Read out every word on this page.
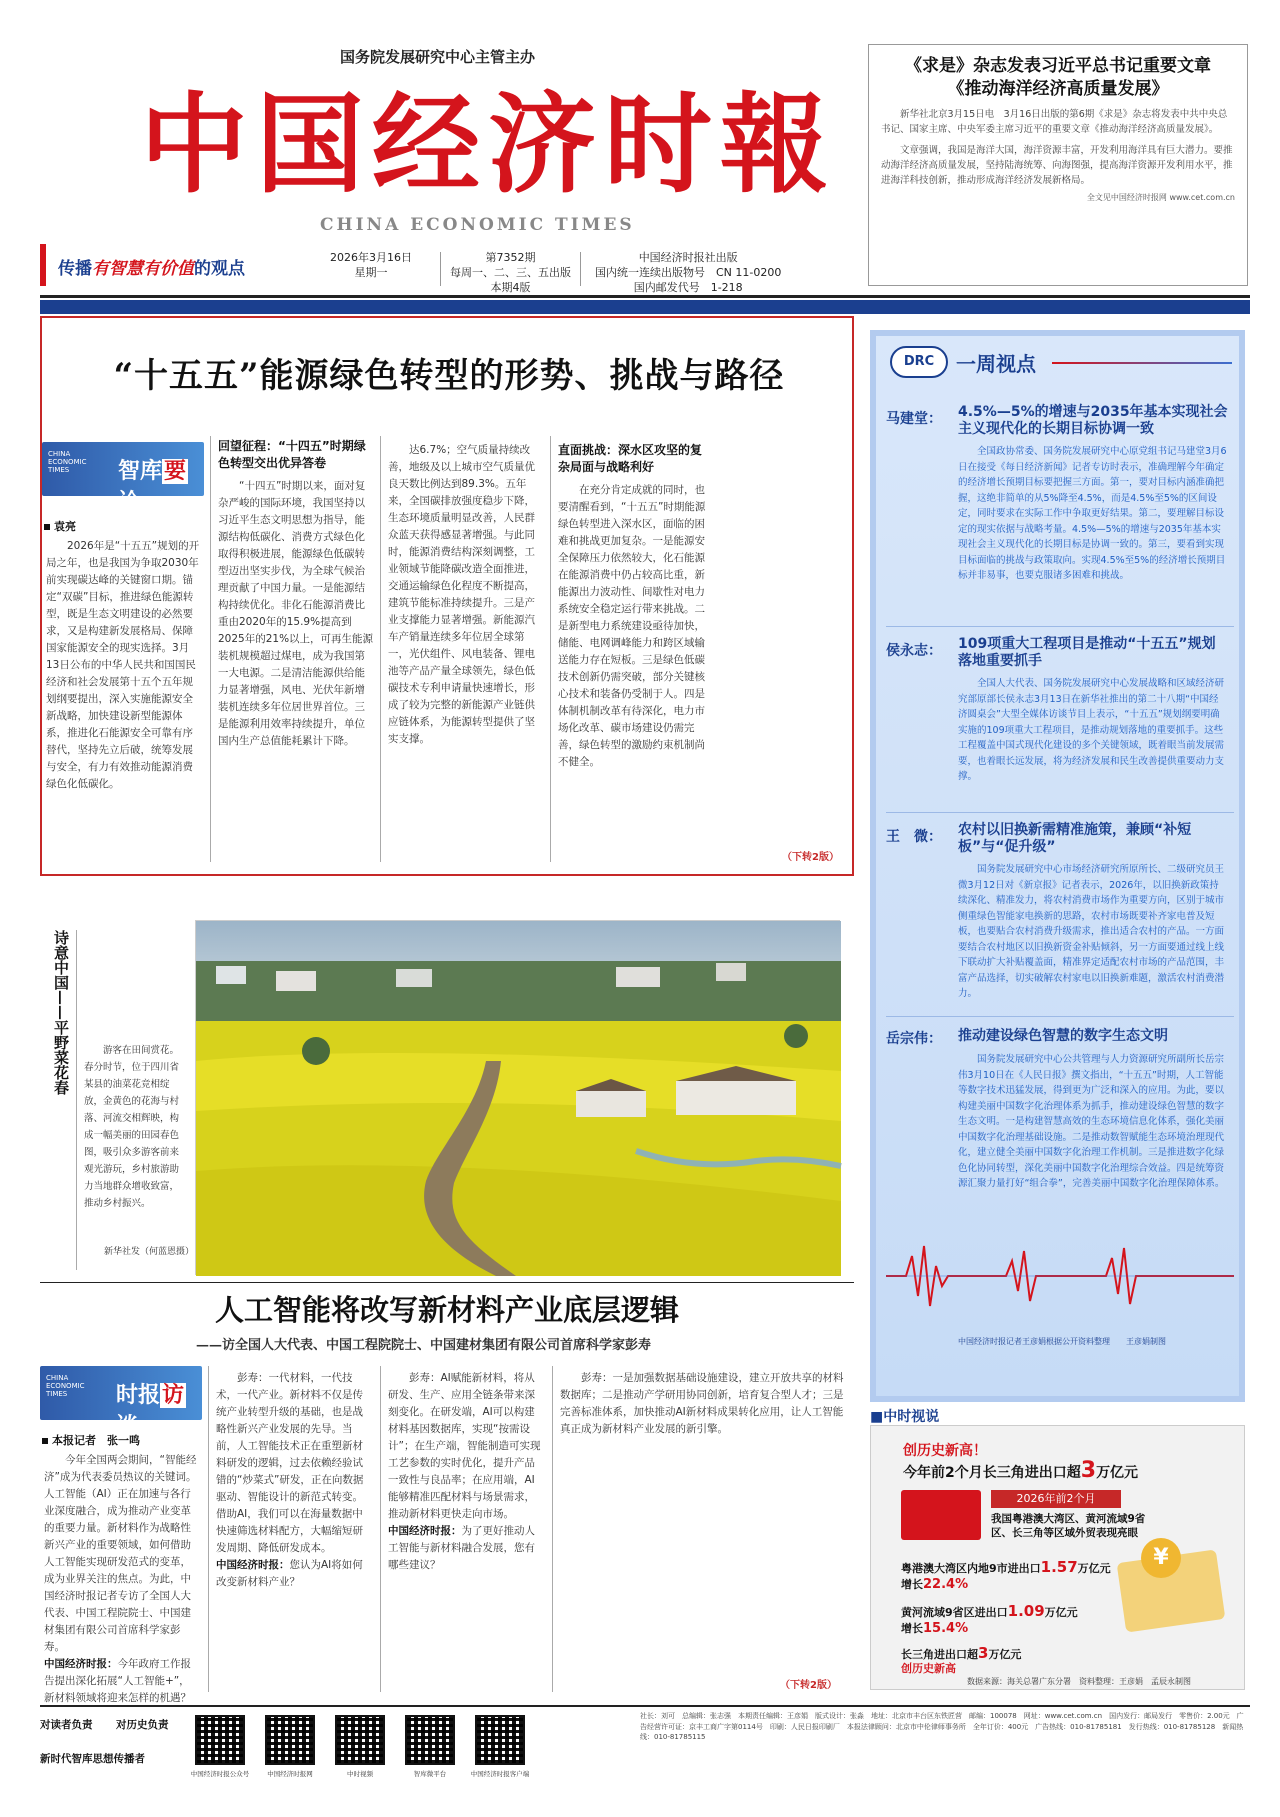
国务院发展研究中心主管主办
中国经济时報
CHINA ECONOMIC TIMES
传播有智慧有价值的观点
2026年3月16日
星期一
第7352期
每周一、二、三、五出版
本期4版
中国经济时报社出版
国内统一连续出版物号　CN 11-0200
国内邮发代号　1-218
《求是》杂志发表习近平总书记重要文章
《推动海洋经济高质量发展》
新华社北京3月15日电　3月16日出版的第6期《求是》杂志将发表中共中央总书记、国家主席、中央军委主席习近平的重要文章《推动海洋经济高质量发展》。
文章强调，我国是海洋大国，海洋资源丰富，开发利用海洋具有巨大潜力。要推动海洋经济高质量发展，坚持陆海统筹、向海图强，提高海洋资源开发利用水平，推进海洋科技创新，推动形成海洋经济发展新格局。
全文见中国经济时报网 www.cet.com.cn
“十五五”能源绿色转型的形势、挑战与路径
CHINA ECONOMIC TIMES	智库要论
袁亮
2026年是“十五五”规划的开局之年，也是我国为争取2030年前实现碳达峰的关键窗口期。锚定“双碳”目标，推进绿色能源转型，既是生态文明建设的必然要求，又是构建新发展格局、保障国家能源安全的现实选择。3月13日公布的中华人民共和国国民经济和社会发展第十五个五年规划纲要提出，深入实施能源安全新战略，加快建设新型能源体系，推进化石能源安全可靠有序替代，坚持先立后破，统筹发展与安全，有力有效推动能源消费绿色化低碳化。
回望征程：“十四五”时期绿色转型交出优异答卷
“十四五”时期以来，面对复杂严峻的国际环境，我国坚持以习近平生态文明思想为指导，能源结构低碳化、消费方式绿色化取得积极进展，能源绿色低碳转型迈出坚实步伐，为全球气候治理贡献了中国力量。一是能源结构持续优化。非化石能源消费比重由2020年的15.9%提高到2025年的21%以上，可再生能源装机规模超过煤电，成为我国第一大电源。二是清洁能源供给能力显著增强，风电、光伏年新增装机连续多年位居世界首位。三是能源利用效率持续提升，单位国内生产总值能耗累计下降。
达6.7%；空气质量持续改善，地级及以上城市空气质量优良天数比例达到89.3%。五年来，全国碳排放强度稳步下降，生态环境质量明显改善，人民群众蓝天获得感显著增强。与此同时，能源消费结构深刻调整，工业领域节能降碳改造全面推进，交通运输绿色化程度不断提高，建筑节能标准持续提升。三是产业支撑能力显著增强。新能源汽车产销量连续多年位居全球第一，光伏组件、风电装备、锂电池等产品产量全球领先，绿色低碳技术专利申请量快速增长，形成了较为完整的新能源产业链供应链体系，为能源转型提供了坚实支撑。
直面挑战：深水区攻坚的复杂局面与战略利好
在充分肯定成就的同时，也要清醒看到，“十五五”时期能源绿色转型进入深水区，面临的困难和挑战更加复杂。一是能源安全保障压力依然较大，化石能源在能源消费中仍占较高比重，新能源出力波动性、间歇性对电力系统安全稳定运行带来挑战。二是新型电力系统建设亟待加快，储能、电网调峰能力和跨区域输送能力存在短板。三是绿色低碳技术创新仍需突破，部分关键核心技术和装备仍受制于人。四是体制机制改革有待深化，电力市场化改革、碳市场建设仍需完善，绿色转型的激励约束机制尚不健全。
（下转2版）
诗意中国——平野菜花春	游客在田间赏花。春分时节，位于四川省某县的油菜花竞相绽放，金黄色的花海与村落、河流交相辉映，构成一幅美丽的田园春色图，吸引众多游客前来观光游玩，乡村旅游助力当地群众增收致富，推动乡村振兴。
新华社发（何蓝恩摄）
人工智能将改写新材料产业底层逻辑
——访全国人大代表、中国工程院院士、中国建材集团有限公司首席科学家彭寿
CHINA ECONOMIC TIMES	时报访谈
本报记者　张一鸣
今年全国两会期间，“智能经济”成为代表委员热议的关键词。人工智能（AI）正在加速与各行业深度融合，成为推动产业变革的重要力量。新材料作为战略性新兴产业的重要领域，如何借助人工智能实现研发范式的变革，成为业界关注的焦点。为此，中国经济时报记者专访了全国人大代表、中国工程院院士、中国建材集团有限公司首席科学家彭寿。
中国经济时报：今年政府工作报告提出深化拓展“人工智能+”，新材料领域将迎来怎样的机遇？
彭寿：一代材料，一代技术，一代产业。新材料不仅是传统产业转型升级的基础，也是战略性新兴产业发展的先导。当前，人工智能技术正在重塑新材料研发的逻辑，过去依赖经验试错的“炒菜式”研发，正在向数据驱动、智能设计的新范式转变。借助AI，我们可以在海量数据中快速筛选材料配方，大幅缩短研发周期、降低研发成本。
中国经济时报：您认为AI将如何改变新材料产业？
彭寿：AI赋能新材料，将从研发、生产、应用全链条带来深刻变化。在研发端，AI可以构建材料基因数据库，实现“按需设计”；在生产端，智能制造可实现工艺参数的实时优化，提升产品一致性与良品率；在应用端，AI能够精准匹配材料与场景需求，推动新材料更快走向市场。
中国经济时报：为了更好推动人工智能与新材料融合发展，您有哪些建议？
彭寿：一是加强数据基础设施建设，建立开放共享的材料数据库；二是推动产学研用协同创新，培育复合型人才；三是完善标准体系，加快推动AI新材料成果转化应用，让人工智能真正成为新材料产业发展的新引擎。
（下转2版）
DRC	一周视点
马建堂：	4.5%—5%的增速与2035年基本实现社会主义现代化的长期目标协调一致
全国政协常委、国务院发展研究中心原党组书记马建堂3月6日在接受《每日经济新闻》记者专访时表示，准确理解今年确定的经济增长预期目标要把握三方面。第一，要对目标内涵准确把握，这绝非简单的从5%降至4.5%，而是4.5%至5%的区间设定，同时要求在实际工作中争取更好结果。第二，要理解目标设定的现实依据与战略考量。4.5%—5%的增速与2035年基本实现社会主义现代化的长期目标是协调一致的。第三，要看到实现目标面临的挑战与政策取向。实现4.5%至5%的经济增长预期目标并非易事，也要克服诸多困难和挑战。
侯永志：	109项重大工程项目是推动“十五五”规划落地重要抓手
全国人大代表、国务院发展研究中心发展战略和区域经济研究部原部长侯永志3月13日在新华社推出的第二十八期“中国经济圆桌会”大型全媒体访谈节目上表示，“十五五”规划纲要明确实施的109项重大工程项目，是推动规划落地的重要抓手。这些工程覆盖中国式现代化建设的多个关键领域，既着眼当前发展需要，也着眼长远发展，将为经济发展和民生改善提供重要动力支撑。
王　微：	农村以旧换新需精准施策，兼顾“补短板”与“促升级”
国务院发展研究中心市场经济研究所原所长、二级研究员王微3月12日对《新京报》记者表示，2026年，以旧换新政策持续深化、精准发力，将农村消费市场作为重要方向，区别于城市侧重绿色智能家电换新的思路，农村市场既要补齐家电普及短板，也要贴合农村消费升级需求，推出适合农村的产品。一方面要结合农村地区以旧换新资金补贴倾斜，另一方面要通过线上线下联动扩大补贴覆盖面，精准界定适配农村市场的产品范围，丰富产品选择，切实破解农村家电以旧换新难题，激活农村消费潜力。
岳宗伟：	推动建设绿色智慧的数字生态文明
国务院发展研究中心公共管理与人力资源研究所副所长岳宗伟3月10日在《人民日报》撰文指出，“十五五”时期，人工智能等数字技术迅猛发展，得到更为广泛和深入的应用。为此，要以构建美丽中国数字化治理体系为抓手，推动建设绿色智慧的数字生态文明。一是构建智慧高效的生态环境信息化体系，强化美丽中国数字化治理基础设施。二是推动数智赋能生态环境治理现代化，建立健全美丽中国数字化治理工作机制。三是推进数字化绿色化协同转型，深化美丽中国数字化治理综合效益。四是统筹资源汇聚力量打好“组合拳”，完善美丽中国数字化治理保障体系。
中国经济时报记者王彦娟根据公开资料整理　　王彦娟制图
■中时视说
创历史新高！
今年前2个月长三角进出口超3万亿元
2026年前2个月
我国粤港澳大湾区、黄河流域9省区、长三角等区域外贸表现亮眼
粤港澳大湾区内地9市进出口1.57万亿元
增长22.4%
黄河流域9省区进出口1.09万亿元
增长15.4%
长三角进出口超3万亿元
创历史新高
¥
数据来源：海关总署广东分署　资料整理：王彦娟　孟辰永制图
对读者负责 对历史负责
新时代智库思想传播者
中国经济时报公众号	中国经济时报网	中时视频	智库微平台	中国经济时报客户端
社长：刘可　总编辑：张志强　本期责任编辑：王彦娟　版式设计：张淼　地址：北京市丰台区东铁匠营　邮编：100078　网址：www.cet.com.cn　国内发行：邮局发行　零售价：2.00元　广告经营许可证：京丰工商广字第0114号　印刷：人民日报印刷厂　本报法律顾问：北京市中伦律师事务所　全年订价：400元　广告热线：010-81785181　发行热线：010-81785128　新闻热线：010-81785115
